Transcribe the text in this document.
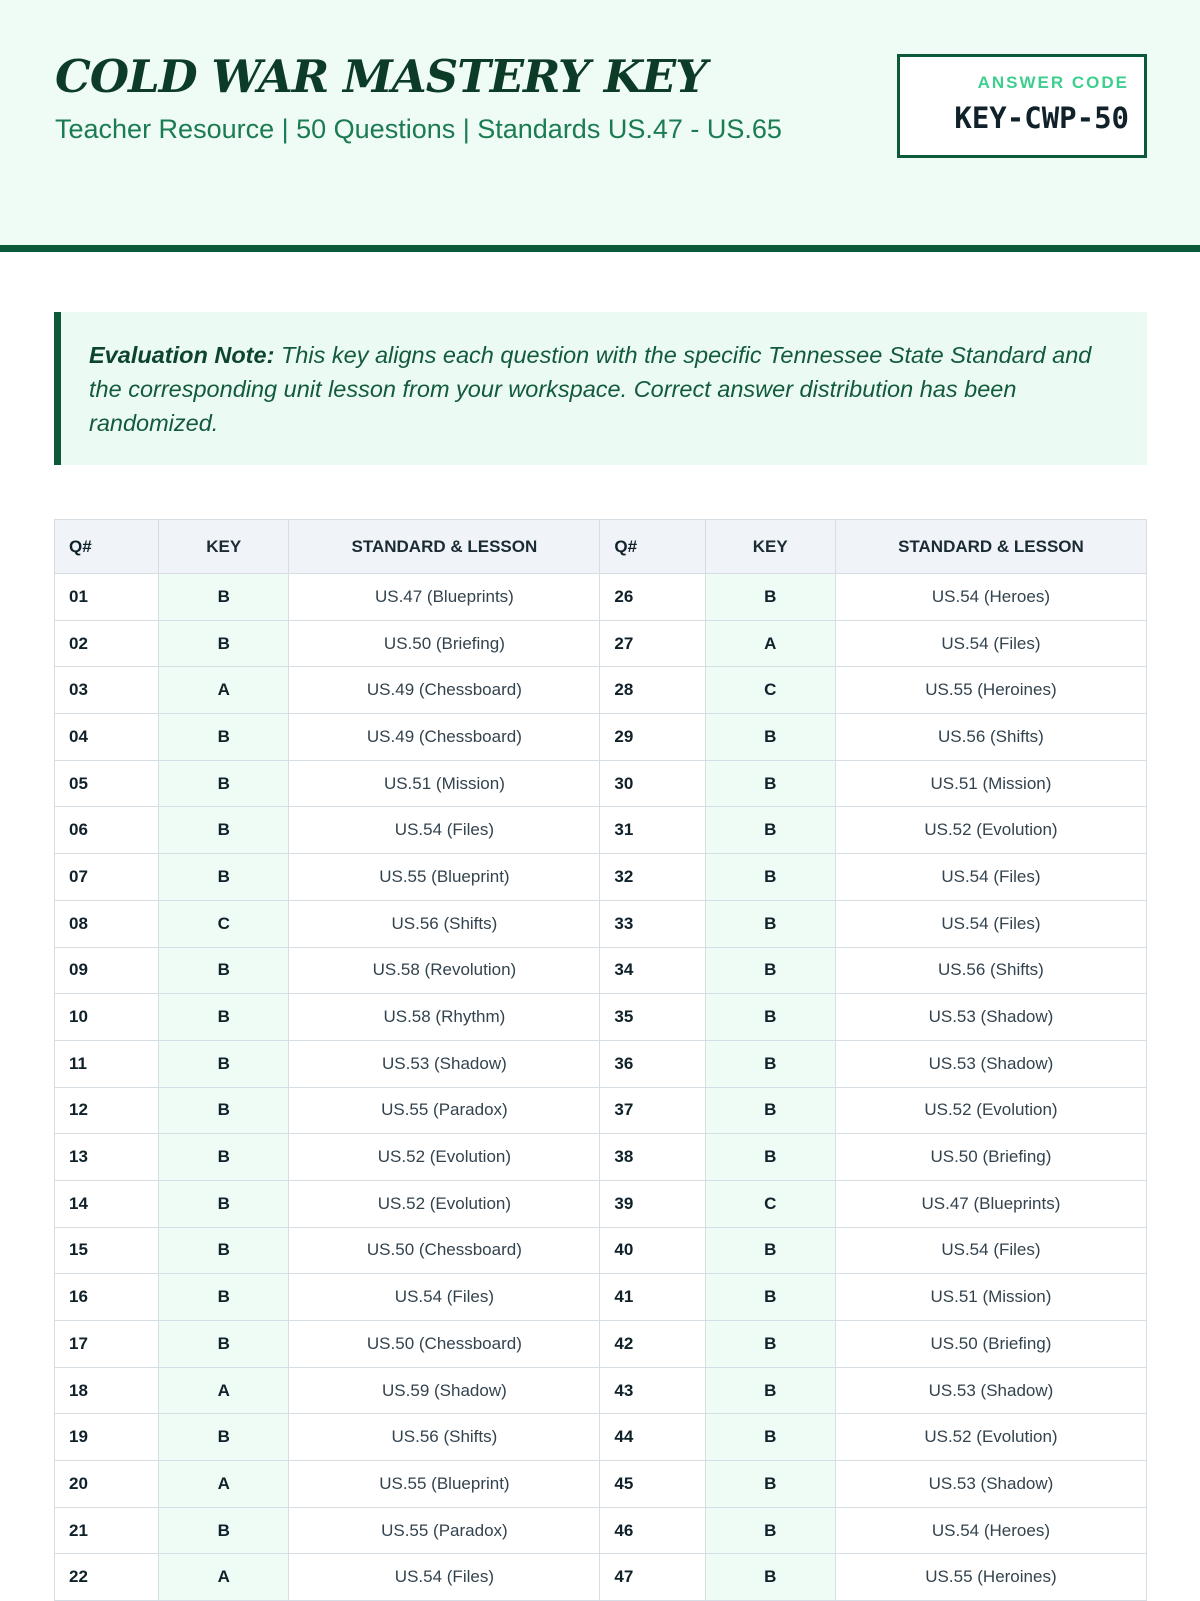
COLD WAR MASTERY KEY
Teacher Resource | 50 Questions | Standards US.47 - US.65
ANSWER CODE
KEY-CWP-50
Evaluation Note: This key aligns each question with the specific Tennessee State Standard and the corresponding unit lesson from your workspace. Correct answer distribution has been randomized.
Q#	KEY	STANDARD & LESSON	Q#	KEY	STANDARD & LESSON
01	B	US.47 (Blueprints)	26	B	US.54 (Heroes)
02	B	US.50 (Briefing)	27	A	US.54 (Files)
03	A	US.49 (Chessboard)	28	C	US.55 (Heroines)
04	B	US.49 (Chessboard)	29	B	US.56 (Shifts)
05	B	US.51 (Mission)	30	B	US.51 (Mission)
06	B	US.54 (Files)	31	B	US.52 (Evolution)
07	B	US.55 (Blueprint)	32	B	US.54 (Files)
08	C	US.56 (Shifts)	33	B	US.54 (Files)
09	B	US.58 (Revolution)	34	B	US.56 (Shifts)
10	B	US.58 (Rhythm)	35	B	US.53 (Shadow)
11	B	US.53 (Shadow)	36	B	US.53 (Shadow)
12	B	US.55 (Paradox)	37	B	US.52 (Evolution)
13	B	US.52 (Evolution)	38	B	US.50 (Briefing)
14	B	US.52 (Evolution)	39	C	US.47 (Blueprints)
15	B	US.50 (Chessboard)	40	B	US.54 (Files)
16	B	US.54 (Files)	41	B	US.51 (Mission)
17	B	US.50 (Chessboard)	42	B	US.50 (Briefing)
18	A	US.59 (Shadow)	43	B	US.53 (Shadow)
19	B	US.56 (Shifts)	44	B	US.52 (Evolution)
20	A	US.55 (Blueprint)	45	B	US.53 (Shadow)
21	B	US.55 (Paradox)	46	B	US.54 (Heroes)
22	A	US.54 (Files)	47	B	US.55 (Heroines)
